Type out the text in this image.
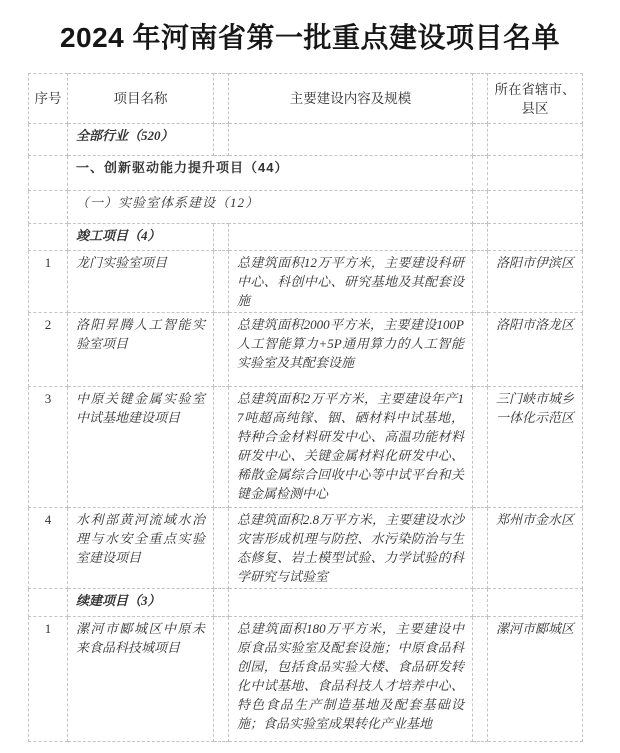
2024 年河南省第一批重点建设项目名单
序号	项目名称		主要建设内容及规模		所在省辖市、县区
	全部行业（520）				
	一、创新驱动能力提升项目（44）				
	（一）实验室体系建设（12）				
	竣工项目（4）				
1	龙门实验室项目		总建筑面积12万平方米，主要建设科研中心、科创中心、研究基地及其配套设施		洛阳市伊滨区
2	洛阳昇腾人工智能实验室项目		总建筑面积2000平方米，主要建设100P人工智能算力+5P通用算力的人工智能实验室及其配套设施		洛阳市洛龙区
3	中原关键金属实验室中试基地建设项目		总建筑面积2万平方米，主要建设年产17吨超高纯镓、铟、硒材料中试基地，特种合金材料研发中心、高温功能材料研发中心、关键金属材料化研发中心、稀散金属综合回收中心等中试平台和关键金属检测中心		三门峡市城乡一体化示范区
4	水利部黄河流域水治理与水安全重点实验室建设项目		总建筑面积2.8万平方米，主要建设水沙灾害形成机理与防控、水污染防治与生态修复、岩土模型试验、力学试验的科学研究与试验室		郑州市金水区
	续建项目（3）				
1	漯河市郾城区中原未来食品科技城项目		总建筑面积180万平方米，主要建设中原食品实验室及配套设施；中原食品科创园，包括食品实验大楼、食品研发转化中试基地、食品科技人才培养中心、特色食品生产制造基地及配套基础设施；食品实验室成果转化产业基地		漯河市郾城区
